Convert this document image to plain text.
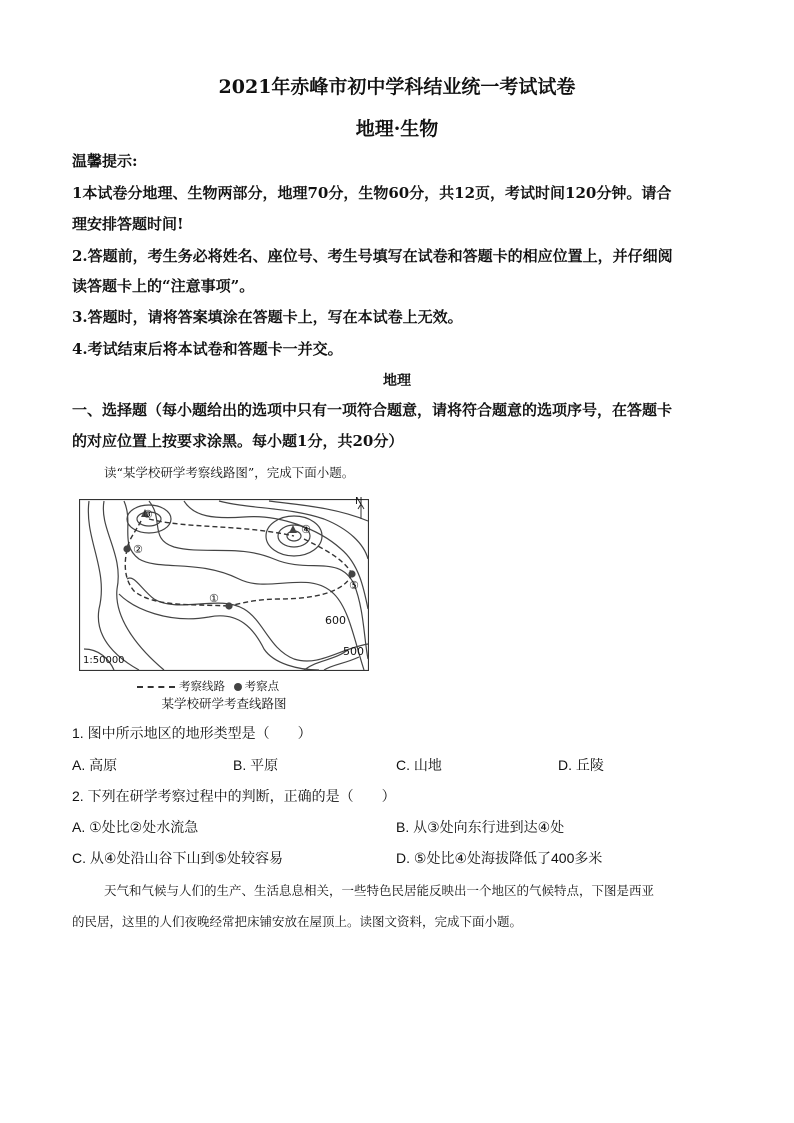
2021年赤峰市初中学科结业统一考试试卷
地理·生物
温馨提示:
1本试卷分地理、生物两部分，地理70分，生物60分，共12页，考试时间120分钟。请合
理安排答题时间!
2.答题前，考生务必将姓名、座位号、考生号填写在试卷和答题卡的相应位置上，并仔细阅
读答题卡上的“注意事项”。
3.答题时，请将答案填涂在答题卡上，写在本试卷上无效。
4.考试结束后将本试卷和答题卡一并交。
地理
一、选择题（每小题给出的选项中只有一项符合题意，请将符合题意的选项序号，在答题卡
的对应位置上按要求涂黑。每小题1分，共20分）
读“某学校研学考察线路图”，完成下面小题。
③
②
④
⑤
①
600
500
N
1:50000
考察线路 考察点
某学校研学考查线路图
1. 图中所示地区的地形类型是（　　）
A. 高原	B. 平原	C. 山地	D. 丘陵
2. 下列在研学考察过程中的判断，正确的是（　　）
A. ①处比②处水流急	B. 从③处向东行进到达④处
C. 从④处沿山谷下山到⑤处较容易	D. ⑤处比④处海拔降低了400多米
天气和气候与人们的生产、生活息息相关，一些特色民居能反映出一个地区的气候特点，下图是西亚
的民居，这里的人们夜晚经常把床铺安放在屋顶上。读图文资料，完成下面小题。
